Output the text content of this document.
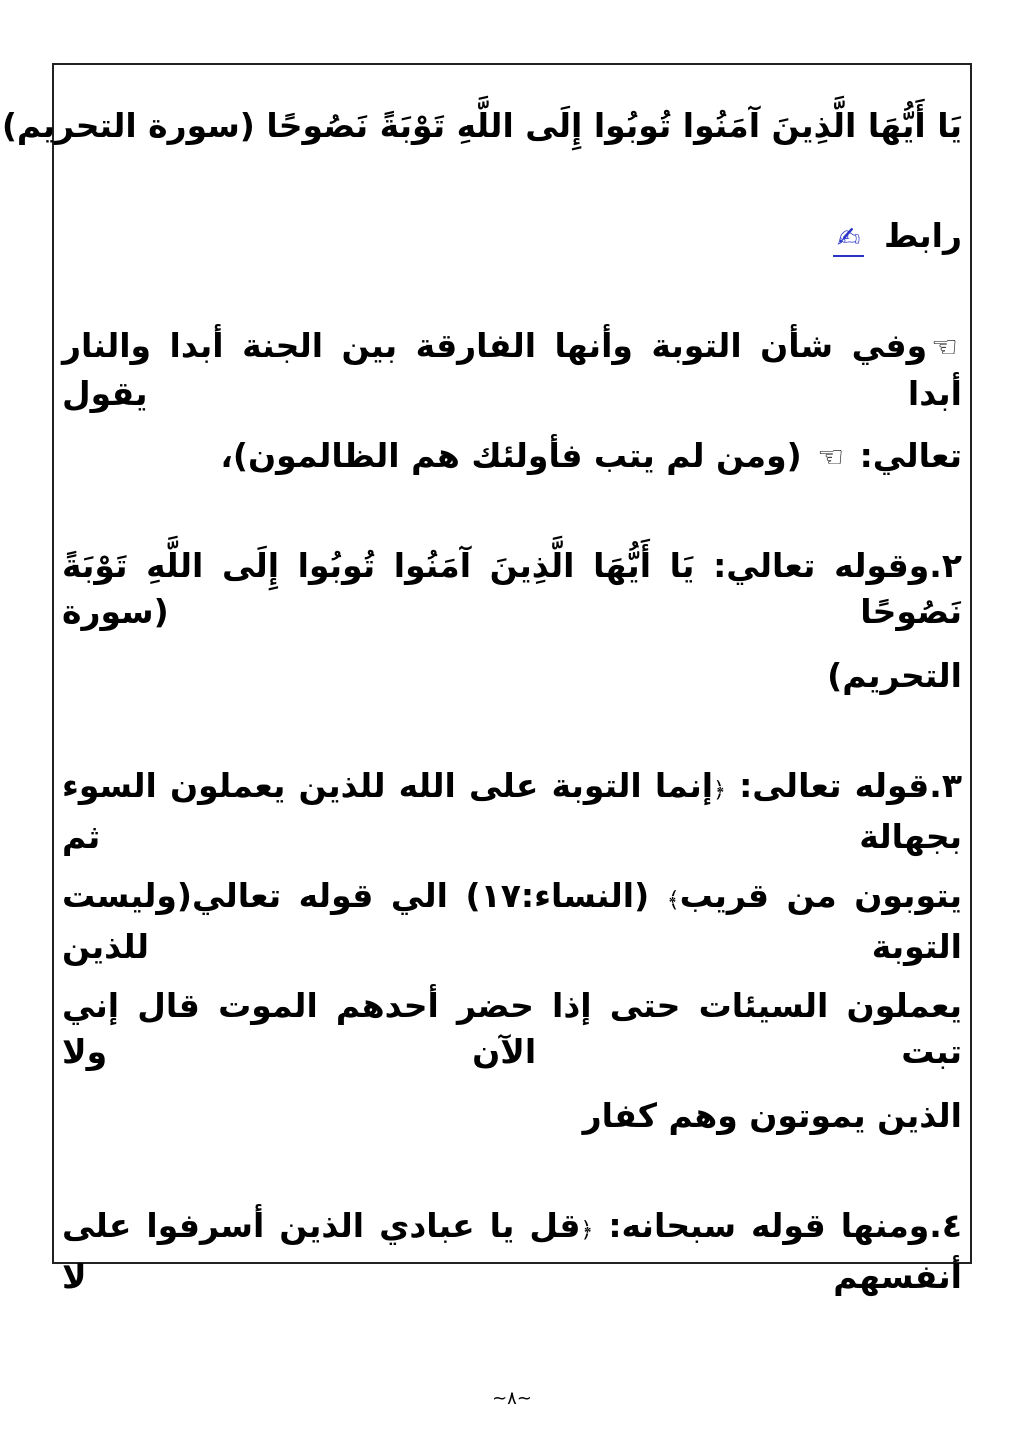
يَا أَيُّهَا الَّذِينَ آمَنُوا تُوبُوا إِلَى اللَّهِ تَوْبَةً نَصُوحًا (سورة التحريم)
رابط ✍
☜وفي شأن التوبة وأنها الفارقة بين الجنة أبدا والنار أبدا يقول
تعالي: ☜ (ومن لم يتب فأولئك هم الظالمون)،
٢.وقوله تعالي: يَا أَيُّهَا الَّذِينَ آمَنُوا تُوبُوا إِلَى اللَّهِ تَوْبَةً نَصُوحًا (سورة
التحريم)
٣.قوله تعالى: ﴿إنما التوبة على الله للذين يعملون السوء بجهالة ثم
يتوبون من قريب﴾ (النساء:١٧) الي قوله تعالي(وليست التوبة للذين
يعملون السيئات حتى إذا حضر أحدهم الموت قال إني تبت الآن ولا
الذين يموتون وهم كفار
٤.ومنها قوله سبحانه: ﴿قل يا عبادي الذين أسرفوا على أنفسهم لا
~٨~
